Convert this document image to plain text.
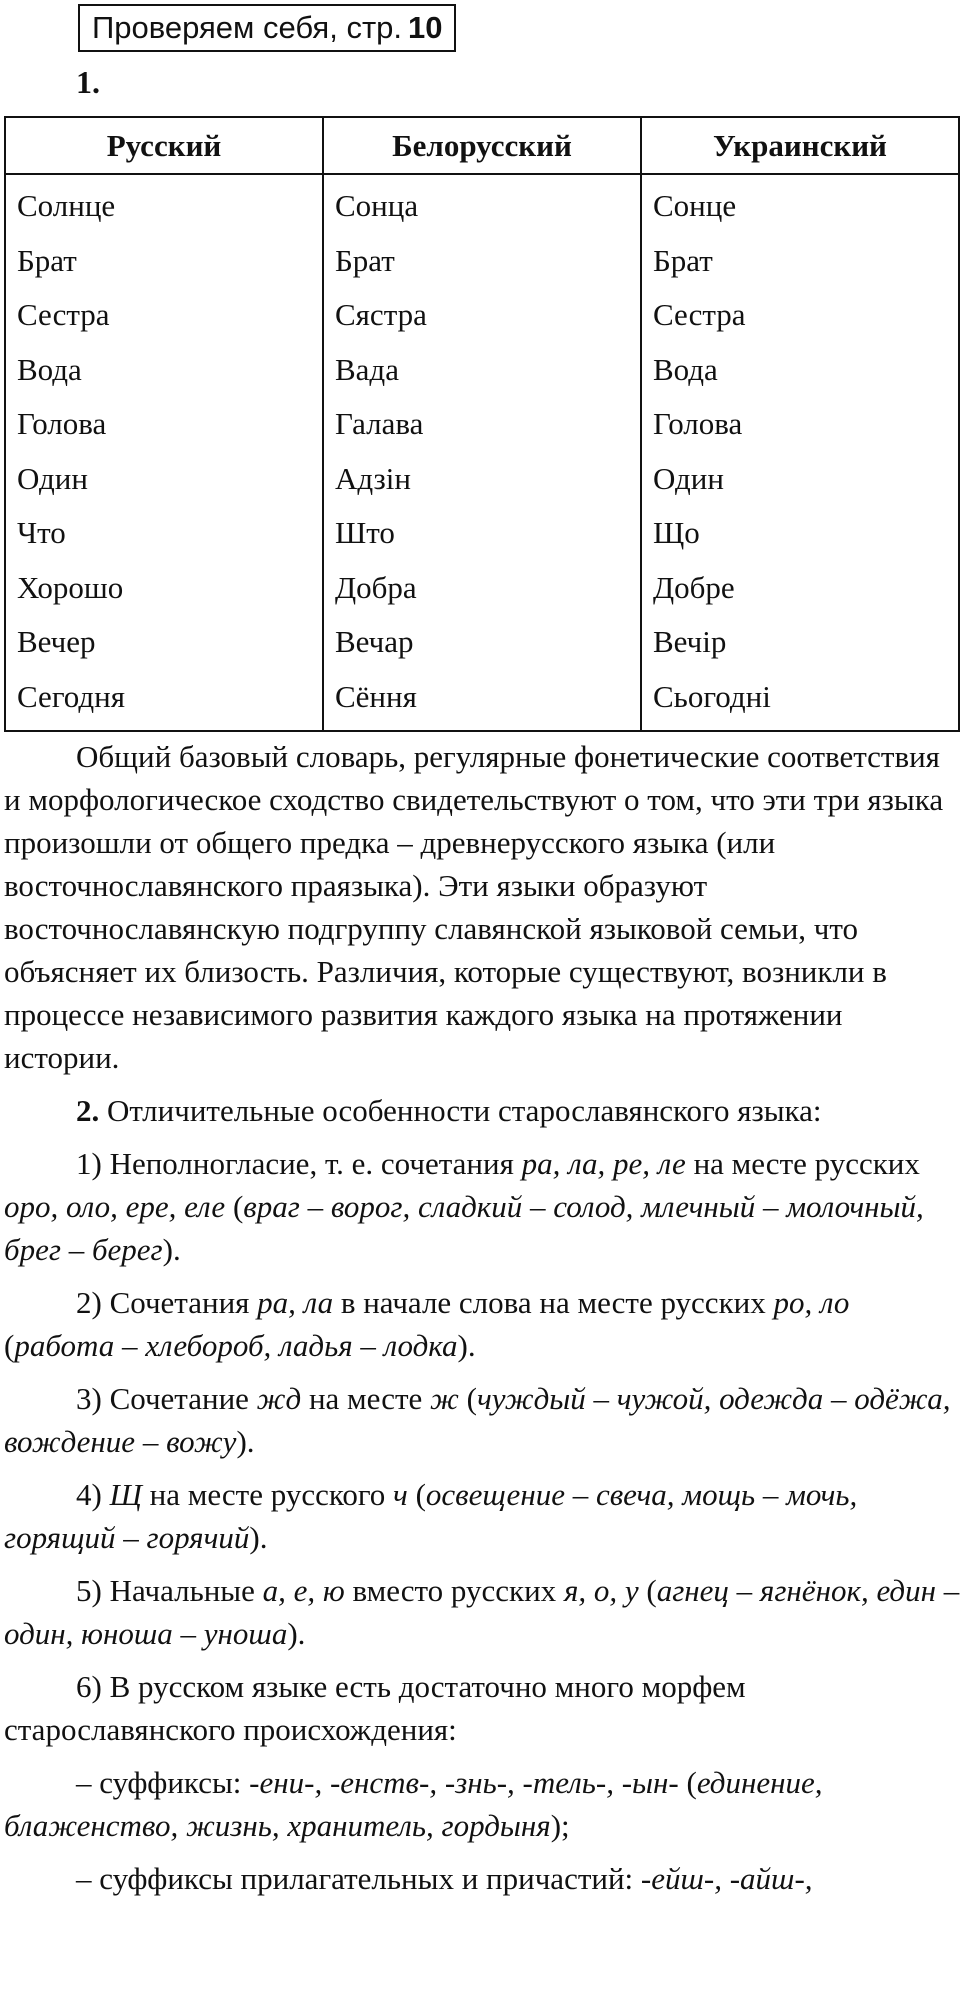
Проверяем себя, стр. 10
1.
Русский	Белорусский	Украинский
Солнце	Сонца	Сонце
Брат	Брат	Брат
Сестра	Сястра	Сестра
Вода	Вада	Вода
Голова	Галава	Голова
Один	Адзін	Один
Что	Што	Що
Хорошо	Добра	Добре
Вечер	Вечар	Вечір
Сегодня	Сёння	Сьогодні

Общий базовый словарь, регулярные фонетические соответствия и морфологическое сходство свидетельствуют о том, что эти три языка произошли от общего предка – древнерусского языка (или восточнославянского праязыка). Эти языки образуют восточнославянскую подгруппу славянской языковой семьи, что объясняет их близость. Различия, которые существуют, возникли в процессе независимого развития каждого языка на протяжении истории.

2. Отличительные особенности старославянского языка:

1) Неполногласие, т. е. сочетания ра, ла, ре, ле на месте русских оро, оло, ере, еле (враг – ворог, сладкий – солод, млечный – молочный, брег – берег).

2) Сочетания ра, ла в начале слова на месте русских ро, ло (работа – хлебороб, ладья – лодка).

3) Сочетание жд на месте ж (чуждый – чужой, одежда – одёжа, вождение – вожу).

4) Щ на месте русского ч (освещение – свеча, мощь – мочь, горящий – горячий).

5) Начальные а, е, ю вместо русских я, о, у (агнец – ягнёнок, един – один, юноша – уноша).

6) В русском языке есть достаточно много морфем старославянского происхождения:

– суффиксы: -ени-, -енств-, -знь-, -тель-, -ын- (единение, блаженство, жизнь, хранитель, гордыня);

– суффиксы прилагательных и причастий: -ейш-, -айш-,
